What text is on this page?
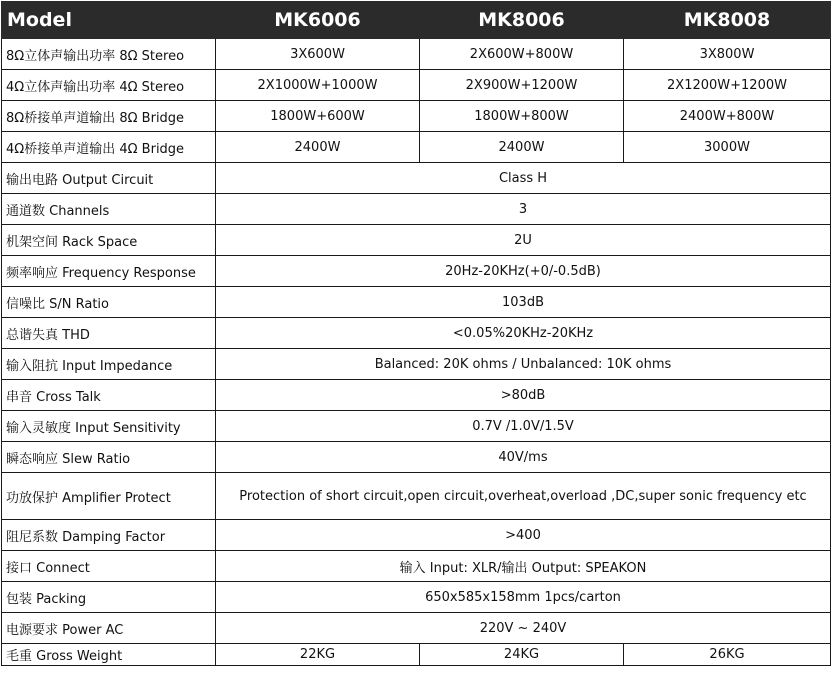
Model	MK6006	MK8006	MK8008
8Ω立体声输出功率 8Ω Stereo	3X600W	2X600W+800W	3X800W
4Ω立体声输出功率 4Ω Stereo	2X1000W+1000W	2X900W+1200W	2X1200W+1200W
8Ω桥接单声道输出 8Ω Bridge	1800W+600W	1800W+800W	2400W+800W
4Ω桥接单声道输出 4Ω Bridge	2400W	2400W	3000W
输出电路 Output Circuit	Class H		
通道数 Channels	3		
机架空间 Rack Space	2U		
频率响应 Frequency Response	20Hz-20KHz(+0/-0.5dB)		
信噪比 S/N Ratio	103dB		
总谐失真 THD	<0.05%20KHz-20KHz		
输入阻抗 Input Impedance	Balanced: 20K ohms / Unbalanced: 10K ohms		
串音 Cross Talk	>80dB		
输入灵敏度 Input Sensitivity	0.7V /1.0V/1.5V		
瞬态响应 Slew Ratio	40V/ms		
功放保护 Amplifier Protect	Protection of short circuit,open circuit,overheat,overload ,DC,super sonic frequency etc		
阻尼系数 Damping Factor	>400		
接口 Connect	输入 Input: XLR/输出 Output: SPEAKON		
包装 Packing	650x585x158mm 1pcs/carton		
电源要求 Power AC	220V ~ 240V		
毛重 Gross Weight	22KG	24KG	26KG
